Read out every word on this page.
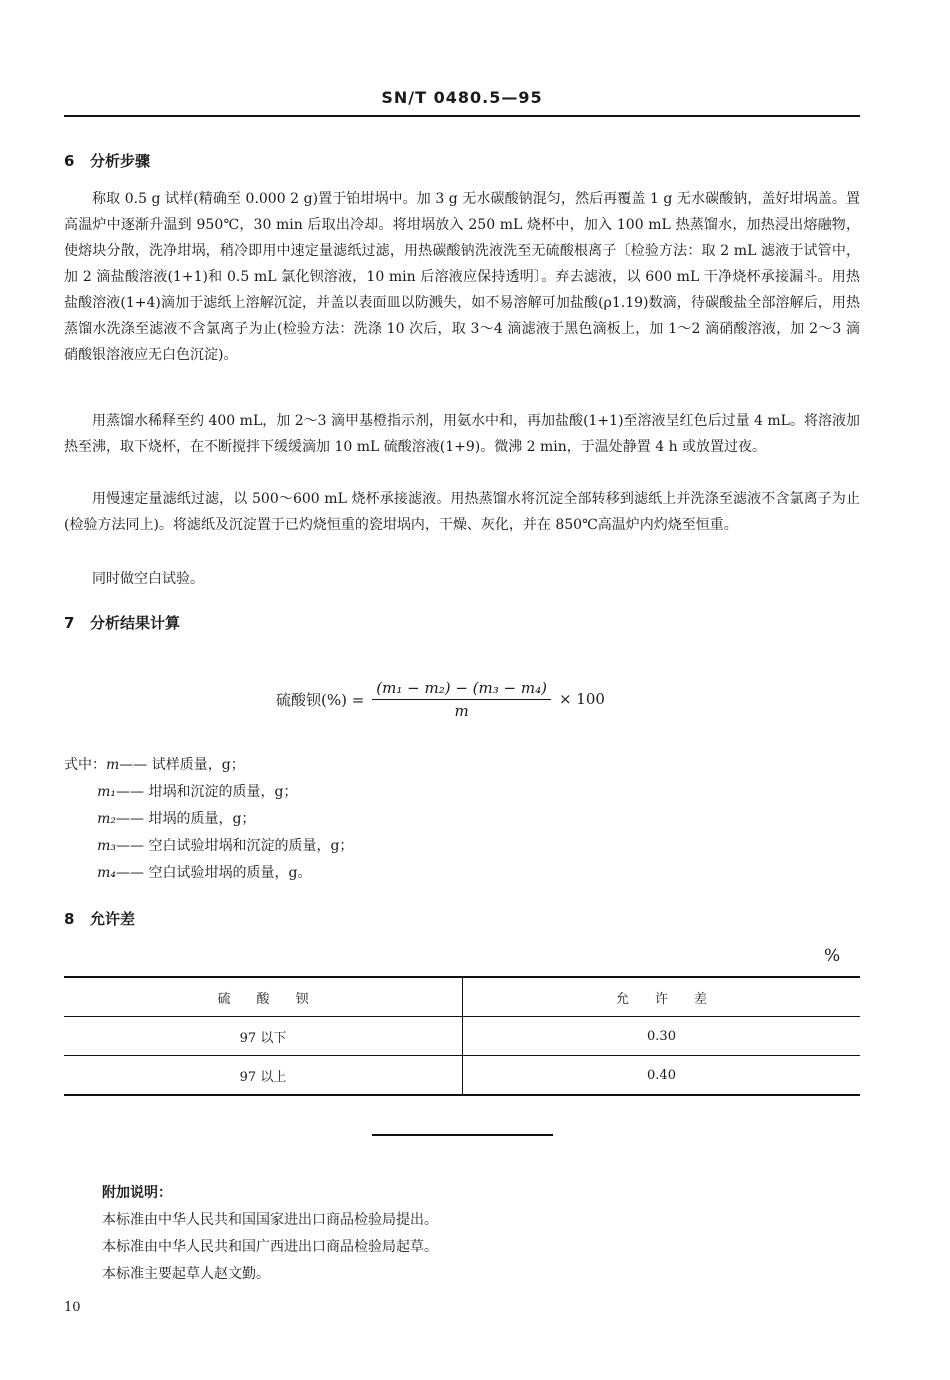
SN/T 0480.5—95
6 分析步骤

称取 0.5 g 试样(精确至 0.000 2 g)置于铂坩埚中。加 3 g 无水碳酸钠混匀，然后再覆盖 1 g 无水碳酸钠，盖好坩埚盖。置高温炉中逐渐升温到 950℃，30 min 后取出冷却。将坩埚放入 250 mL 烧杯中，加入 100 mL 热蒸馏水，加热浸出熔融物，使熔块分散，洗净坩埚，稍冷即用中速定量滤纸过滤，用热碳酸钠洗液洗至无硫酸根离子〔检验方法：取 2 mL 滤液于试管中，加 2 滴盐酸溶液(1+1)和 0.5 mL 氯化钡溶液，10 min 后溶液应保持透明〕。弃去滤液，以 600 mL 干净烧杯承接漏斗。用热盐酸溶液(1+4)滴加于滤纸上溶解沉淀，并盖以表面皿以防溅失，如不易溶解可加盐酸(ρ1.19)数滴，待碳酸盐全部溶解后，用热蒸馏水洗涤至滤液不含氯离子为止(检验方法：洗涤 10 次后，取 3～4 滴滤液于黑色滴板上，加 1～2 滴硝酸溶液，加 2～3 滴硝酸银溶液应无白色沉淀)。

用蒸馏水稀释至约 400 mL，加 2～3 滴甲基橙指示剂，用氨水中和，再加盐酸(1+1)至溶液呈红色后过量 4 mL。将溶液加热至沸，取下烧杯，在不断搅拌下缓缓滴加 10 mL 硫酸溶液(1+9)。微沸 2 min，于温处静置 4 h 或放置过夜。

用慢速定量滤纸过滤，以 500～600 mL 烧杯承接滤液。用热蒸馏水将沉淀全部转移到滤纸上并洗涤至滤液不含氯离子为止(检验方法同上)。将滤纸及沉淀置于已灼烧恒重的瓷坩埚内，干燥、灰化，并在 850℃高温炉内灼烧至恒重。

同时做空白试验。

7 分析结果计算
硫酸钡(%) = $\frac{\text{(m₁ − m₂) − (m₃ − m₄)}}{m} \times 100$
式中：m—— 试样质量，g；
m₁—— 坩埚和沉淀的质量，g；
m₂—— 坩埚的质量，g；
m₃—— 空白试验坩埚和沉淀的质量，g；
m₄—— 空白试验坩埚的质量，g。
8 允许差
%
硫　　酸　　钡	允　　许　　差
97 以下	0.30
97 以上	0.40
附加说明：
本标准由中华人民共和国国家进出口商品检验局提出。
本标准由中华人民共和国广西进出口商品检验局起草。
本标准主要起草人赵文勤。
10
